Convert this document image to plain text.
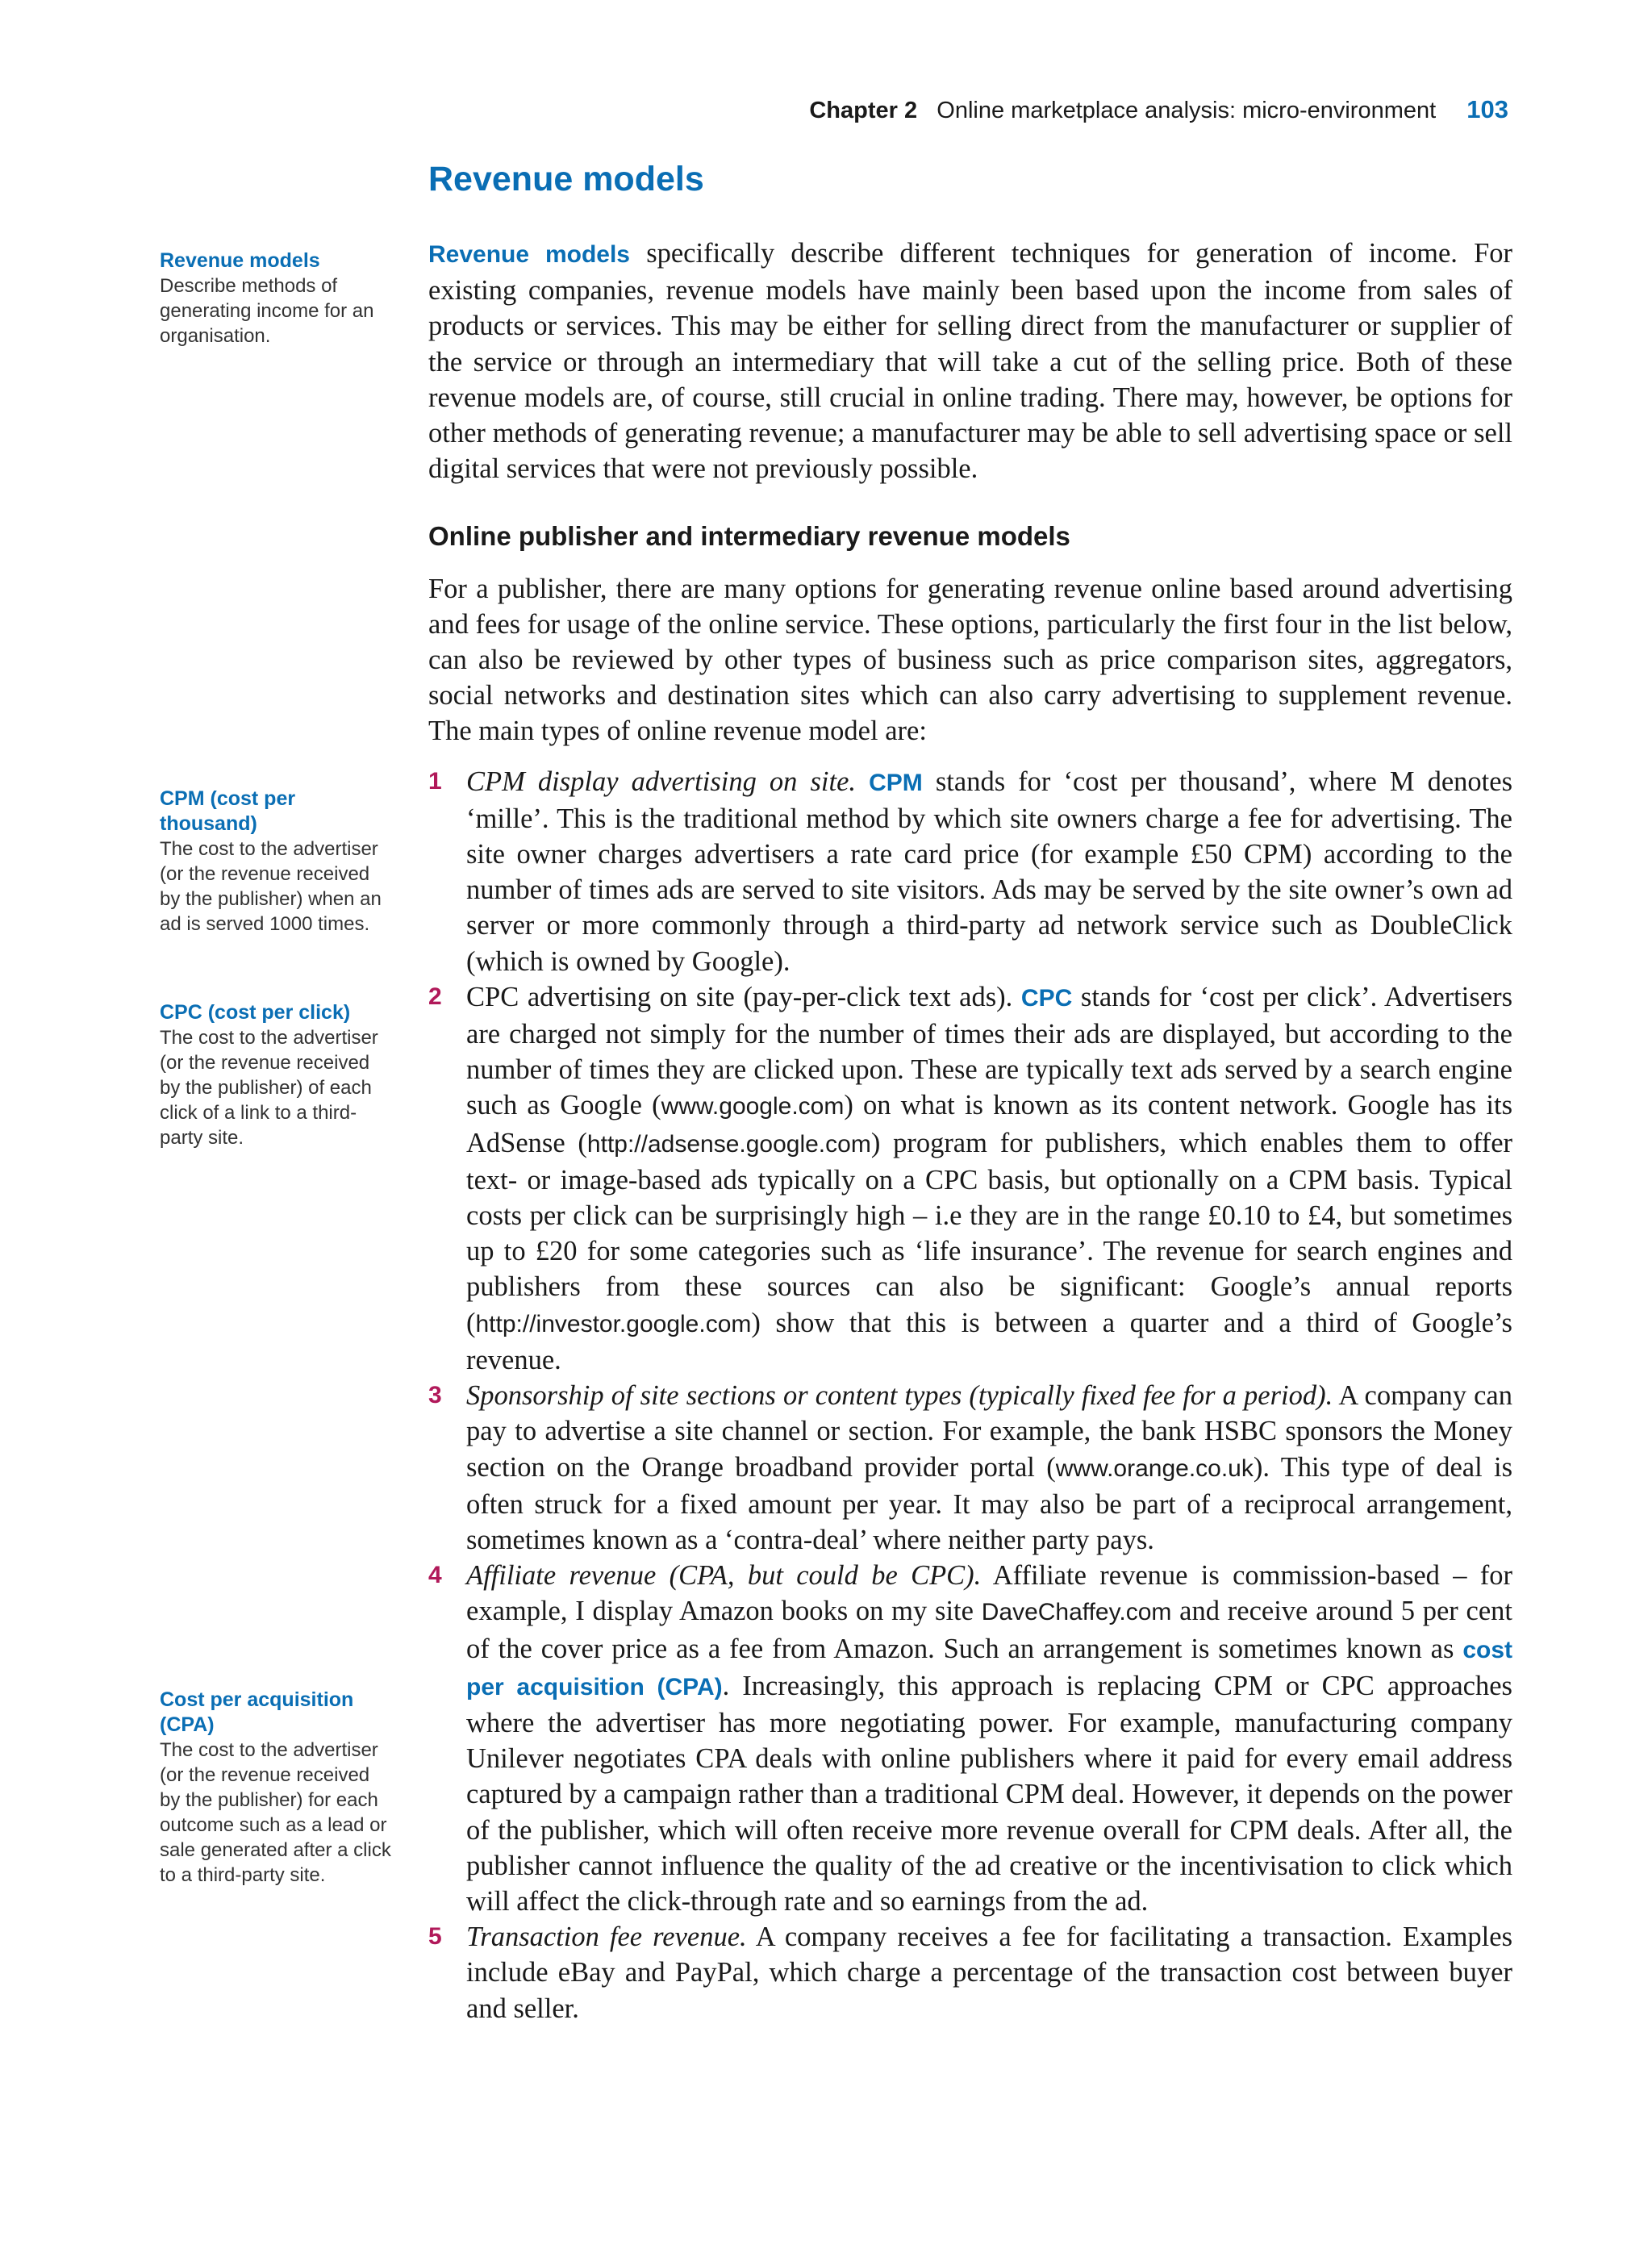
Chapter 2 Online marketplace analysis: micro-environment 103
Revenue models
Revenue models
Describe methods of generating income for an organisation.
CPM (cost per thousand)
The cost to the advertiser (or the revenue received by the publisher) when an ad is served 1000 times.
CPC (cost per click)
The cost to the advertiser (or the revenue received by the publisher) of each click of a link to a third-party site.
Cost per acquisition (CPA)
The cost to the advertiser (or the revenue received by the publisher) for each outcome such as a lead or sale generated after a click to a third-party site.

Revenue models specifically describe different techniques for generation of income. For existing companies, revenue models have mainly been based upon the income from sales of products or services. This may be either for selling direct from the manufacturer or supplier of the service or through an intermediary that will take a cut of the selling price. Both of these revenue models are, of course, still crucial in online trading. There may, however, be options for other methods of generating revenue; a manufacturer may be able to sell advertising space or sell digital services that were not previously possible.

Online publisher and intermediary revenue models

For a publisher, there are many options for generating revenue online based around advertising and fees for usage of the online service. These options, particularly the first four in the list below, can also be reviewed by other types of business such as price comparison sites, aggregators, social networks and destination sites which can also carry advertising to supplement revenue. The main types of online revenue model are:

1 CPM display advertising on site. CPM stands for ‘cost per thousand’, where M denotes ‘mille’. This is the traditional method by which site owners charge a fee for advertising. The site owner charges advertisers a rate card price (for example £50 CPM) according to the number of times ads are served to site visitors. Ads may be served by the site owner’s own ad server or more commonly through a third-party ad network service such as DoubleClick (which is owned by Google).
2 CPC advertising on site (pay-per-click text ads). CPC stands for ‘cost per click’. Advertisers are charged not simply for the number of times their ads are displayed, but according to the number of times they are clicked upon. These are typically text ads served by a search engine such as Google (www.google.com) on what is known as its content network. Google has its AdSense (http://adsense.google.com) program for publishers, which enables them to offer text- or image-based ads typically on a CPC basis, but optionally on a CPM basis. Typical costs per click can be surprisingly high – i.e they are in the range £0.10 to £4, but sometimes up to £20 for some categories such as ‘life insurance’. The revenue for search engines and publishers from these sources can also be significant: Google’s annual reports (http://investor.google.com) show that this is between a quarter and a third of Google’s revenue.
3 Sponsorship of site sections or content types (typically fixed fee for a period). A company can pay to advertise a site channel or section. For example, the bank HSBC sponsors the Money section on the Orange broadband provider portal (www.orange.co.uk). This type of deal is often struck for a fixed amount per year. It may also be part of a reciprocal arrangement, sometimes known as a ‘contra-deal’ where neither party pays.
4 Affiliate revenue (CPA, but could be CPC). Affiliate revenue is commission-based – for example, I display Amazon books on my site DaveChaffey.com and receive around 5 per cent of the cover price as a fee from Amazon. Such an arrangement is sometimes known as cost per acquisition (CPA). Increasingly, this approach is replacing CPM or CPC approaches where the advertiser has more negotiating power. For example, manufacturing company Unilever negotiates CPA deals with online publishers where it paid for every email address captured by a campaign rather than a traditional CPM deal. However, it depends on the power of the publisher, which will often receive more revenue overall for CPM deals. After all, the publisher cannot influence the quality of the ad creative or the incentivisation to click which will affect the click-through rate and so earnings from the ad.
5 Transaction fee revenue. A company receives a fee for facilitating a transaction. Examples include eBay and PayPal, which charge a percentage of the transaction cost between buyer and seller.
